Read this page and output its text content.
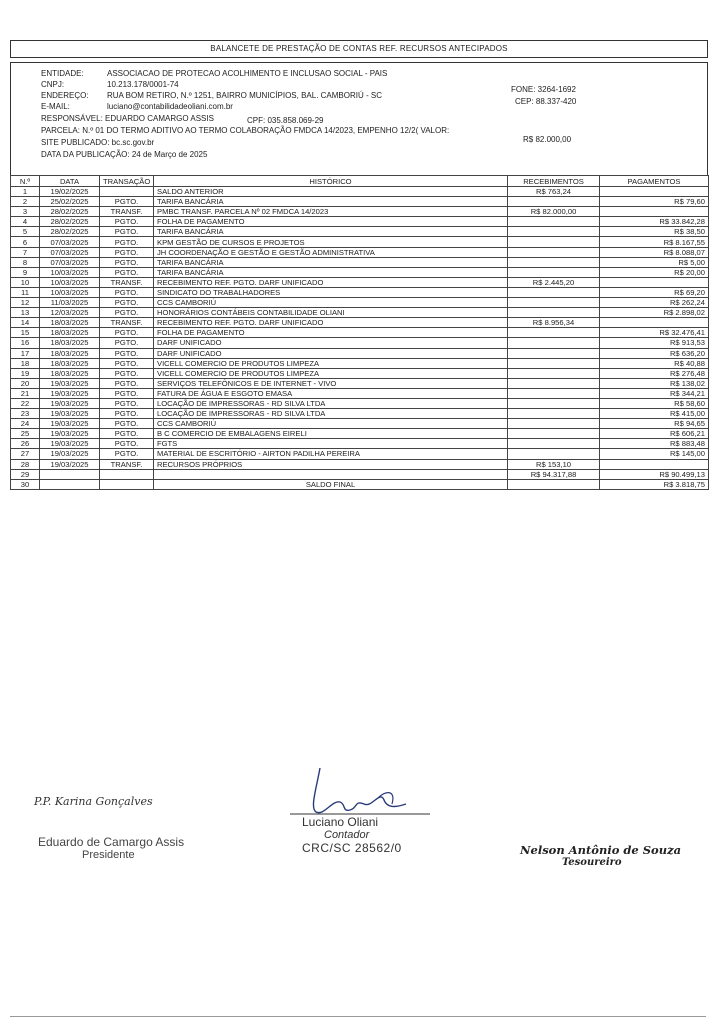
BALANCETE DE PRESTAÇÃO DE CONTAS REF. RECURSOS ANTECIPADOS
ENTIDADE:	ASSOCIACAO DE PROTECAO ACOLHIMENTO E INCLUSAO SOCIAL - PAIS
CNPJ:	10.213.178/0001-74
ENDEREÇO: RUA BOM RETIRO, N.º 1251, BAIRRO MUNICÍPIOS, BAL. CAMBORIÚ - SC
E-MAIL:	luciano@contabilidadeoliani.com.br
FONE: 3264-1692
CEP: 88.337-420
RESPONSÁVEL: EDUARDO CAMARGO ASSIS	CPF: 035.858.069-29
PARCELA: N.º 01 DO TERMO ADITIVO AO TERMO COLABORAÇÃO FMDCA 14/2023, EMPENHO 12/2( VALOR:
R$ 82.000,00
SITE PUBLICADO: bc.sc.gov.br
DATA DA PUBLICAÇÃO: 24 de Março de 2025
N.º	DATA	TRANSAÇÃO	HISTÓRICO	RECEBIMENTOS	PAGAMENTOS
1	19/02/2025		SALDO ANTERIOR	R$ 763,24	
2	25/02/2025	PGTO.	TARIFA BANCÁRIA		R$ 79,60
3	28/02/2025	TRANSF.	PMBC TRANSF. PARCELA Nº 02 FMDCA 14/2023	R$ 82.000,00	
4	28/02/2025	PGTO.	FOLHA DE PAGAMENTO		R$ 33.842,28
5	28/02/2025	PGTO.	TARIFA BANCÁRIA		R$ 38,50
6	07/03/2025	PGTO.	KPM GESTÃO DE CURSOS E PROJETOS		R$ 8.167,55
7	07/03/2025	PGTO.	JH COORDENAÇÃO E GESTÃO E GESTÃO ADMINISTRATIVA		R$ 8.088,07
8	07/03/2025	PGTO.	TARIFA BANCÁRIA		R$ 5,00
9	10/03/2025	PGTO.	TARIFA BANCÁRIA		R$ 20,00
10	10/03/2025	TRANSF.	RECEBIMENTO REF. PGTO. DARF UNIFICADO	R$ 2.445,20	
11	10/03/2025	PGTO.	SINDICATO DO TRABALHADORES		R$ 69,20
12	11/03/2025	PGTO.	CCS CAMBORIÚ		R$ 262,24
13	12/03/2025	PGTO.	HONORÁRIOS CONTÁBEIS CONTABILIDADE OLIANI		R$ 2.898,02
14	18/03/2025	TRANSF.	RECEBIMENTO REF. PGTO. DARF UNIFICADO	R$ 8.956,34	
15	18/03/2025	PGTO.	FOLHA DE PAGAMENTO		R$ 32.476,41
16	18/03/2025	PGTO.	DARF UNIFICADO		R$ 913,53
17	18/03/2025	PGTO.	DARF UNIFICADO		R$ 636,20
18	18/03/2025	PGTO.	VICELL COMERCIO DE PRODUTOS LIMPEZA		R$ 40,88
19	18/03/2025	PGTO.	VICELL COMERCIO DE PRODUTOS LIMPEZA		R$ 276,48
20	19/03/2025	PGTO.	SERVIÇOS TELEFÔNICOS E DE INTERNET - VIVO		R$ 138,02
21	19/03/2025	PGTO.	FATURA DE ÁGUA E ESGOTO EMASA		R$ 344,21
22	19/03/2025	PGTO.	LOCAÇÃO DE IMPRESSORAS - RD SILVA LTDA		R$ 58,60
23	19/03/2025	PGTO.	LOCAÇÃO DE IMPRESSORAS - RD SILVA LTDA		R$ 415,00
24	19/03/2025	PGTO.	CCS CAMBORIÚ		R$ 94,65
25	19/03/2025	PGTO.	B C COMERCIO DE EMBALAGENS EIRELI		R$ 606,21
26	19/03/2025	PGTO.	FGTS		R$ 883,48
27	19/03/2025	PGTO.	MATERIAL DE ESCRITÓRIO - AIRTON PADILHA PEREIRA		R$ 145,00
28	19/03/2025	TRANSF.	RECURSOS PRÓPRIOS	R$ 153,10	
29				R$ 94.317,88	R$ 90.499,13
30			SALDO FINAL		R$ 3.818,75
P.P. Karina Gonçalves
Eduardo de Camargo Assis
Presidente
Luciano Oliani
Contador
CRC/SC 28562/0	Nelson Antônio de Souza
Tesoureiro
